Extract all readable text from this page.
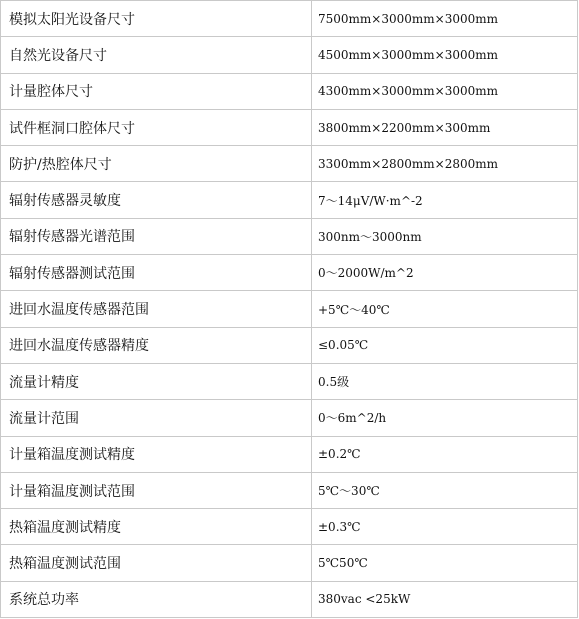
模拟太阳光设备尺寸	7500mm×3000mm×3000mm
自然光设备尺寸	4500mm×3000mm×3000mm
计量腔体尺寸	4300mm×3000mm×3000mm
试件框洞口腔体尺寸	3800mm×2200mm×300mm
防护/热腔体尺寸	3300mm×2800mm×2800mm
辐射传感器灵敏度	7～14μV/W·m^-2
辐射传感器光谱范围	300nm～3000nm
辐射传感器测试范围	0～2000W/m^2
进回水温度传感器范围	+5℃～40℃
进回水温度传感器精度	≤0.05℃
流量计精度	0.5级
流量计范围	0～6m^2/h
计量箱温度测试精度	±0.2℃
计量箱温度测试范围	5℃～30℃
热箱温度测试精度	±0.3℃
热箱温度测试范围	5℃50℃
系统总功率	380vac <25kW
